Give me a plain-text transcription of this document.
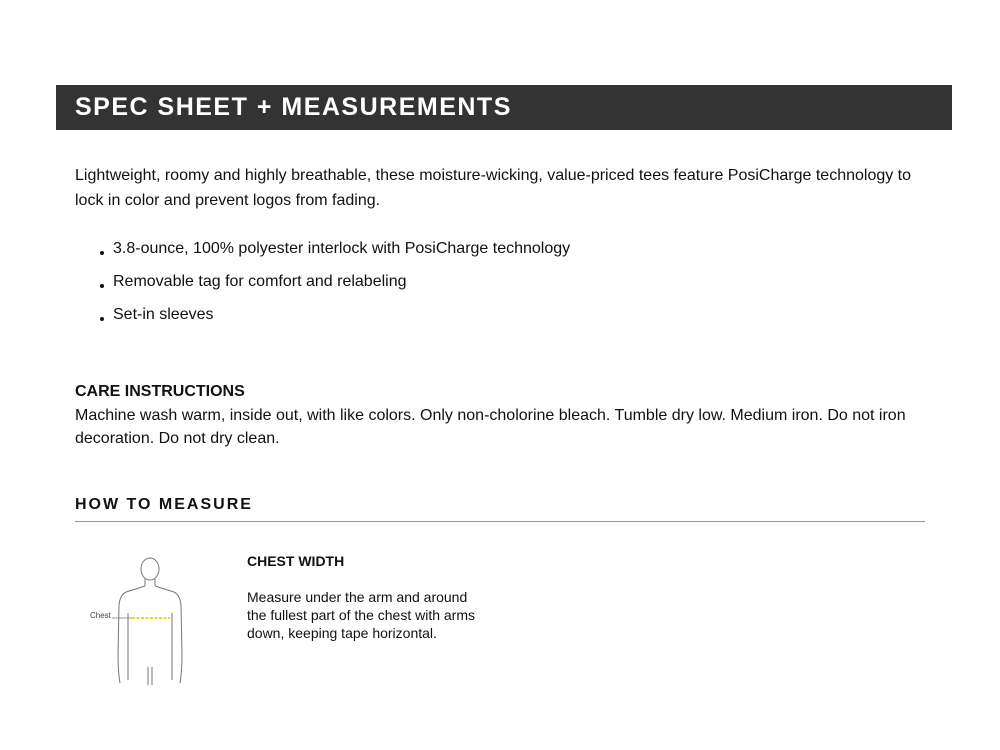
SPEC SHEET + MEASUREMENTS

Lightweight, roomy and highly breathable, these moisture-wicking, value-priced tees feature PosiCharge technology to lock in color and prevent logos from fading.

3.8-ounce, 100% polyester interlock with PosiCharge technology
Removable tag for comfort and relabeling
Set-in sleeves
CARE INSTRUCTIONS
Machine wash warm, inside out, with like colors. Only non-cholorine bleach. Tumble dry low. Medium iron. Do not iron decoration. Do not dry clean.
HOW TO MEASURE
Chest
CHEST WIDTH
Measure under the arm and around the fullest part of the chest with arms down, keeping tape horizontal.
